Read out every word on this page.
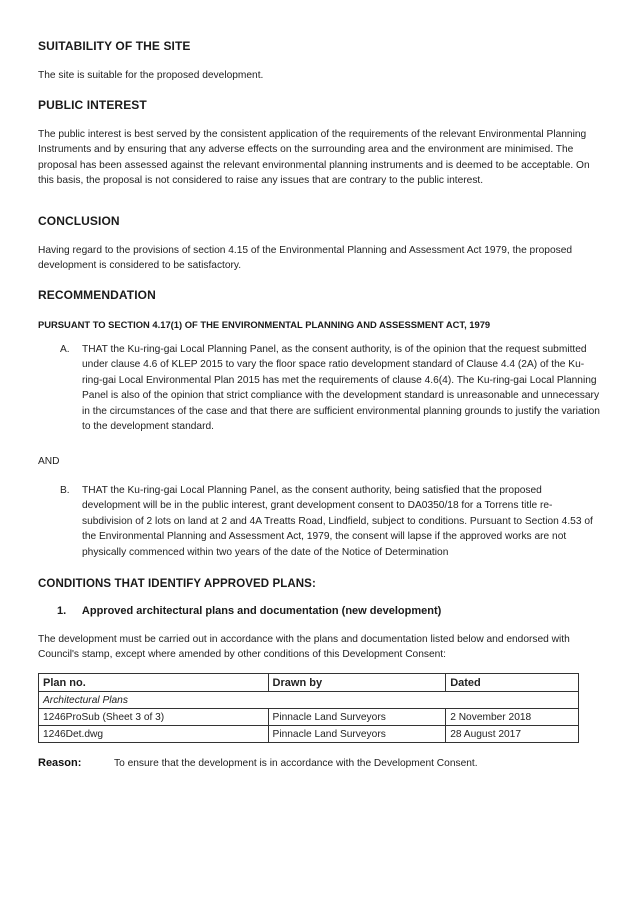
SUITABILITY OF THE SITE

The site is suitable for the proposed development.

PUBLIC INTEREST

The public interest is best served by the consistent application of the requirements of the relevant Environmental Planning Instruments and by ensuring that any adverse effects on the surrounding area and the environment are minimised. The proposal has been assessed against the relevant environmental planning instruments and is deemed to be acceptable. On this basis, the proposal is not considered to raise any issues that are contrary to the public interest.

CONCLUSION

Having regard to the provisions of section 4.15 of the Environmental Planning and Assessment Act 1979, the proposed development is considered to be satisfactory.

RECOMMENDATION
PURSUANT TO SECTION 4.17(1) OF THE ENVIRONMENTAL PLANNING AND ASSESSMENT ACT, 1979
A. THAT the Ku-ring-gai Local Planning Panel, as the consent authority, is of the opinion that the request submitted under clause 4.6 of KLEP 2015 to vary the floor space ratio development standard of Clause 4.4 (2A) of the Ku-ring-gai Local Environmental Plan 2015 has met the requirements of clause 4.6(4). The Ku-ring-gai Local Planning Panel is also of the opinion that strict compliance with the development standard is unreasonable and unnecessary in the circumstances of the case and that there are sufficient environmental planning grounds to justify the variation to the development standard.
AND
B. THAT the Ku-ring-gai Local Planning Panel, as the consent authority, being satisfied that the proposed development will be in the public interest, grant development consent to DA0350/18 for a Torrens title re-subdivision of 2 lots on land at 2 and 4A Treatts Road, Lindfield, subject to conditions. Pursuant to Section 4.53 of the Environmental Planning and Assessment Act, 1979, the consent will lapse if the approved works are not physically commenced within two years of the date of the Notice of Determination
CONDITIONS THAT IDENTIFY APPROVED PLANS:
1. Approved architectural plans and documentation (new development)

The development must be carried out in accordance with the plans and documentation listed below and endorsed with Council's stamp, except where amended by other conditions of this Development Consent:

Plan no.	Drawn by	Dated
Architectural Plans		
1246ProSub (Sheet 3 of 3)	Pinnacle Land Surveyors	2 November 2018
1246Det.dwg	Pinnacle Land Surveyors	28 August 2017
Reason:	To ensure that the development is in accordance with the Development Consent.
